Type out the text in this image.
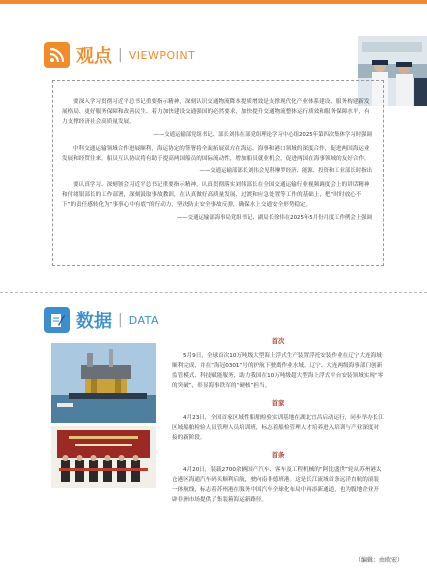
观点 | VIEWPOINT

要深入学习贯彻习近平总书记重要指示精神，深刻认识交通物流降本提质增效是支撑现代化产业体系建设、服务构建新发展格局、更好服务保障和改善民生、着力加快建设交通强国的必然要求，加快提升交通物流整体运行质效和服务保障水平，有力支撑经济社会高质量发展。

——交通运输部党组书记、部长刘伟在部党组理论学习中心组2025年第四次集体学习时强调

中科交通运输领域合作进展顺利，海运协定的签署将全面拓展双方在海运、海事和港口领域的深度合作，促进两国海运业发展和经贸往来。船员互认协议将有助于提高两国船员的国际流动性，增加船员就业机会，促进两国在海事领域的友好合作。

——交通运输部部长刘伟会见科摩罗经济、能源、投资和工业部长时指出

要认真学习、深刻领会习近平总书记重要指示精神，认真贯彻落实刘伟部长在全国交通运输行业视频调度会上的讲话精神和付绪银部长的工作部署，深刻汲取事故教训，在认真做好高质量发展、过渡和应急处置等工作的基础上，把“时时放心不下”的责任感转化为“事事心中有底”的行动力，坚决防止安全事故反弹，确保水上交通安全形势稳定。

——交通运输部海事局党组书记、副局长徐伟在2025年5月份月度工作例会上强调

数据 | DATA
首次

5月9日，全球首次10万吨级大型海上浮式生产装置浮托安装作业在辽宁大连海域顺利完成，并在“海冠0301”号的护航下驶离作业水域。辽宁、大连两级海事部门创新监管模式、科技赋能服务，助力我国在10万吨级超大型海上浮式平台安装领域实现“零的突破”，彰显海事铁军的“硬核”担当。

首家

4月23日，全国首家区域性船舶检验实训基地在湖北宜昌启动运行，同步举办长江区域船舶检验人员管理人员培训班，标志着船检管理人才培养进入培训与产业深度对接的新阶段。

首条

4月20日，装载2700余辆国产汽车、客车及工程机械的“阿比盛世”轮从苏州港太仓港区海通汽车码头顺利启航，驶向南非德班港。这是长江流域首条远洋直航的滚装一体航线，标志着苏州港在服务中国汽车全球化布局中再添新通道，也为腹地企业开辟非洲市场提供了集装箱海运新路径。

（编辑：由欧宏）
